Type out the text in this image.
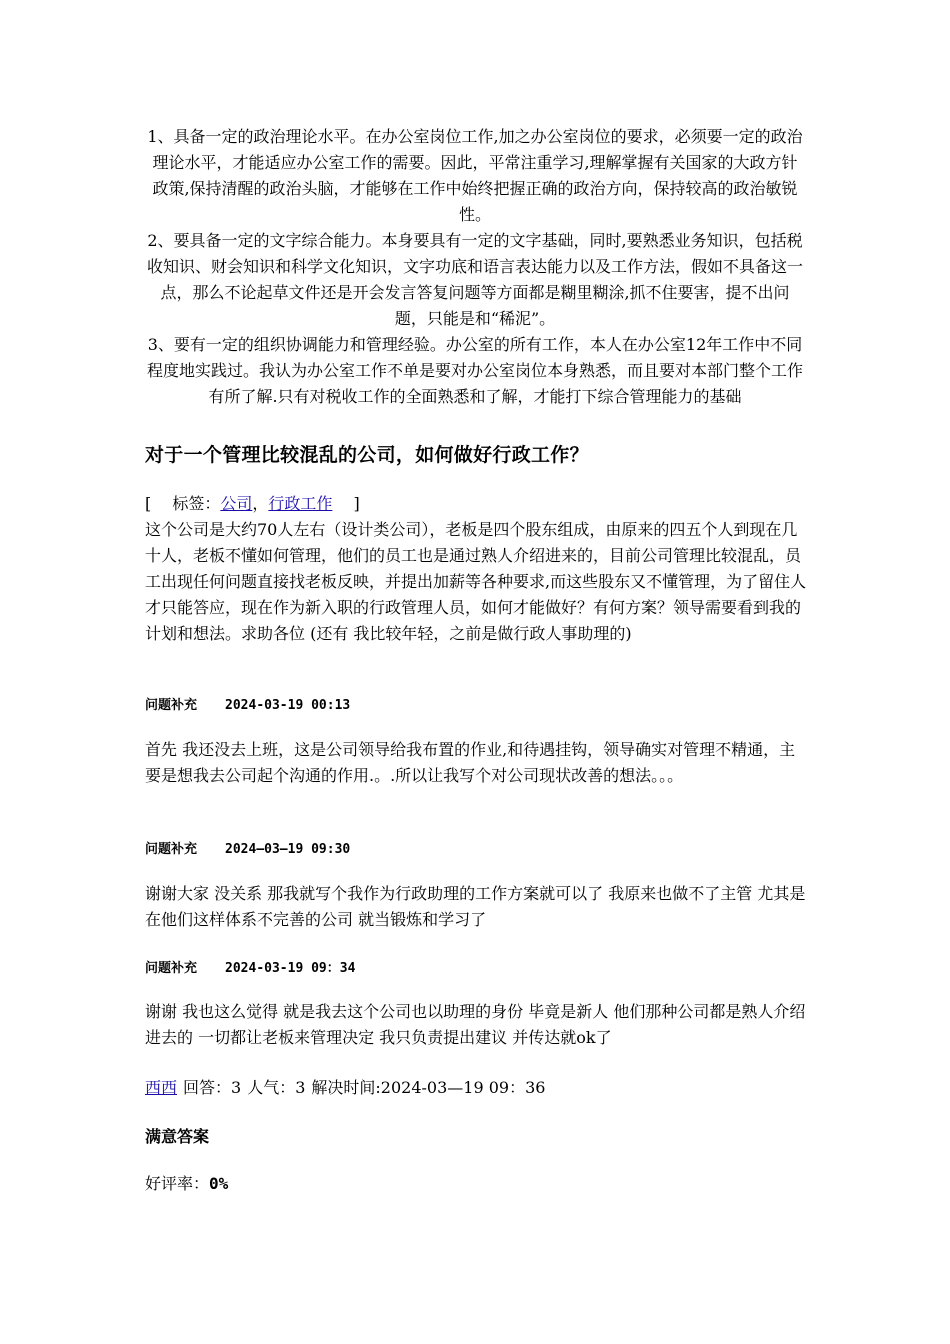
1、具备一定的政治理论水平。在办公室岗位工作,加之办公室岗位的要求，必须要一定的政治理论水平，才能适应办公室工作的需要。因此，平常注重学习,理解掌握有关国家的大政方针政策,保持清醒的政治头脑，才能够在工作中始终把握正确的政治方向，保持较高的政治敏锐性。

2、要具备一定的文字综合能力。本身要具有一定的文字基础，同时,要熟悉业务知识，包括税收知识、财会知识和科学文化知识，文字功底和语言表达能力以及工作方法，假如不具备这一点，那么不论起草文件还是开会发言答复问题等方面都是糊里糊涂,抓不住要害，提不出问题，只能是和“稀泥”。

3、要有一定的组织协调能力和管理经验。办公室的所有工作，本人在办公室12年工作中不同程度地实践过。我认为办公室工作不单是要对办公室岗位本身熟悉，而且要对本部门整个工作有所了解.只有对税收工作的全面熟悉和了解，才能打下综合管理能力的基础

对于一个管理比较混乱的公司，如何做好行政工作？
[　 标签：公司，行政工作　 ]

这个公司是大约70人左右（设计类公司），老板是四个股东组成，由原来的四五个人到现在几十人，老板不懂如何管理，他们的员工也是通过熟人介绍进来的，目前公司管理比较混乱，员工出现任何问题直接找老板反映，并提出加薪等各种要求,而这些股东又不懂管理，为了留住人才只能答应，现在作为新入职的行政管理人员，如何才能做好？有何方案？领导需要看到我的计划和想法。求助各位 (还有 我比较年轻，之前是做行政人事助理的)

问题补充 2024-03-19 00:13

首先 我还没去上班，这是公司领导给我布置的作业,和待遇挂钩，领导确实对管理不精通，主要是想我去公司起个沟通的作用.。.所以让我写个对公司现状改善的想法。。。

问题补充 2024—03—19 09:30

谢谢大家 没关系 那我就写个我作为行政助理的工作方案就可以了 我原来也做不了主管 尤其是在他们这样体系不完善的公司 就当锻炼和学习了

问题补充 2024-03-19 09：34

谢谢 我也这么觉得 就是我去这个公司也以助理的身份 毕竟是新人 他们那种公司都是熟人介绍进去的 一切都让老板来管理决定 我只负责提出建议 并传达就ok了

西西 回答：3 人气：3 解决时间:2024-03—19 09：36
满意答案
好评率：0%
